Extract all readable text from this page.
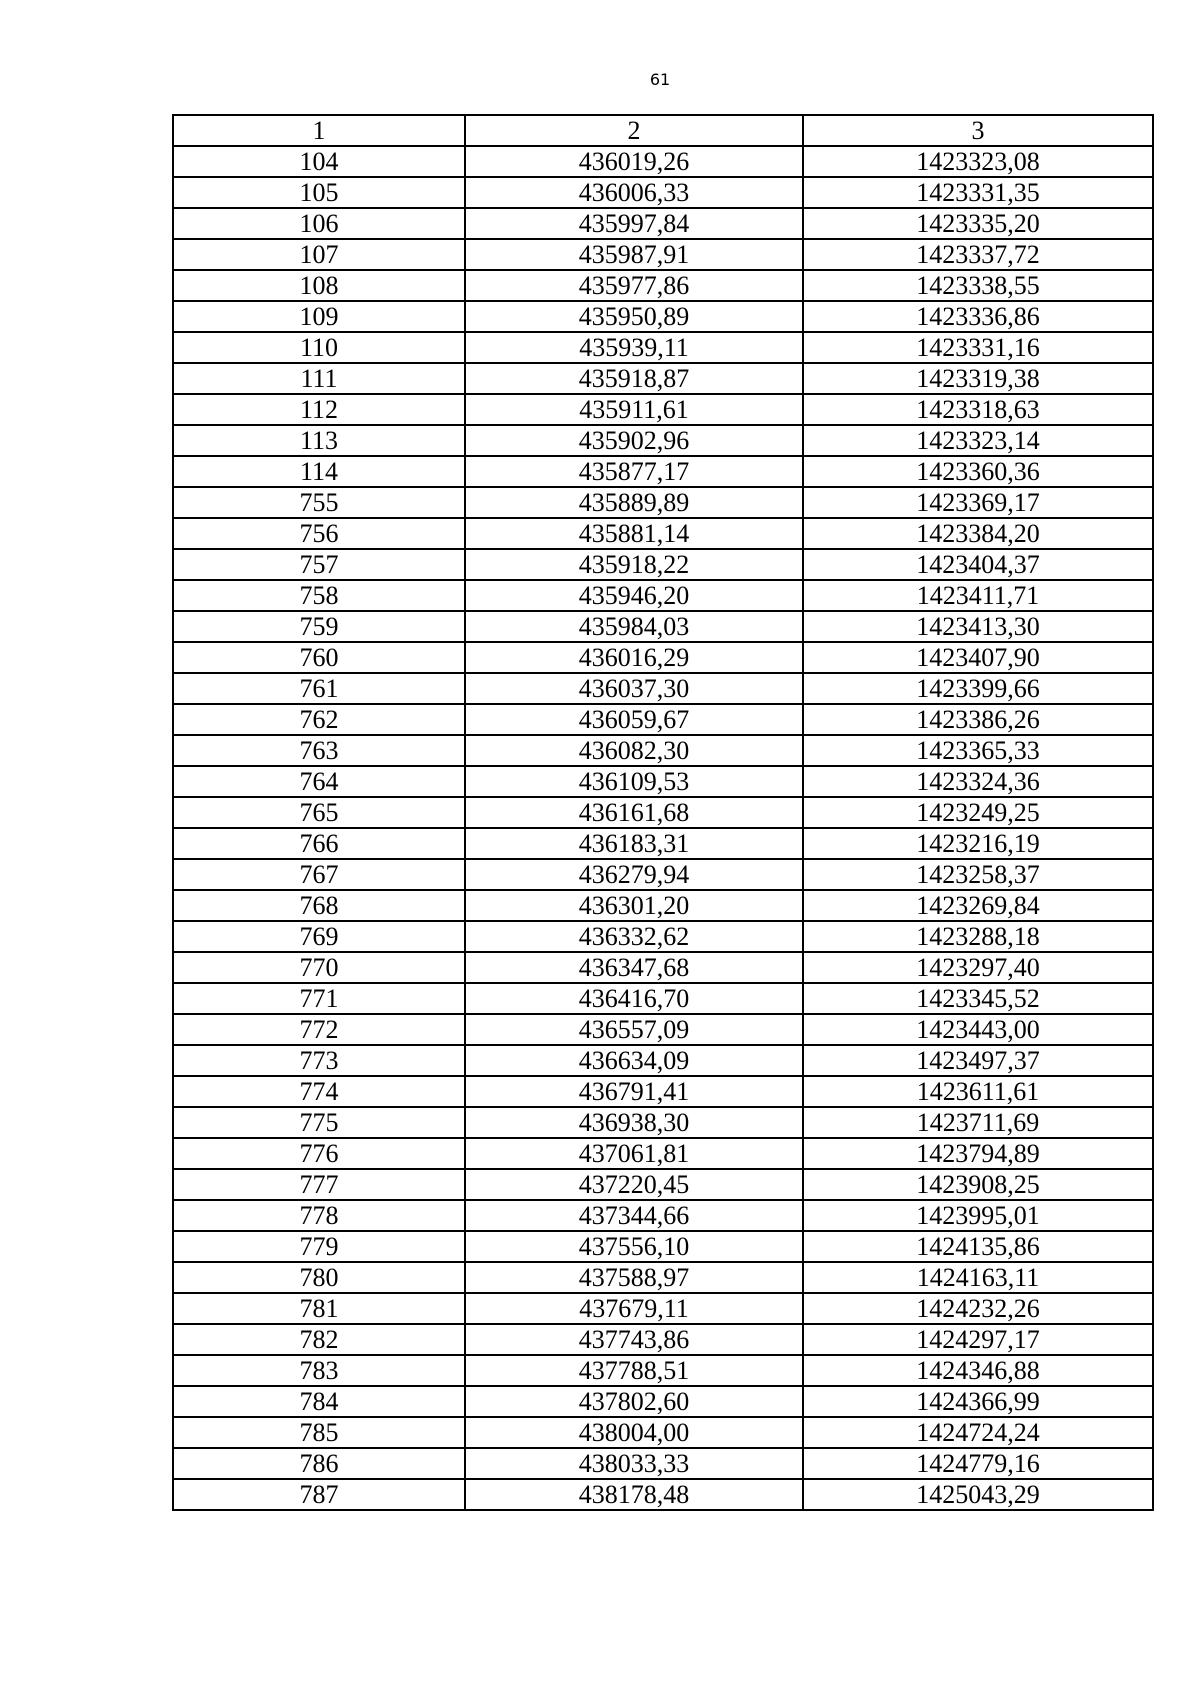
61
1	2	3
104	436019,26	1423323,08
105	436006,33	1423331,35
106	435997,84	1423335,20
107	435987,91	1423337,72
108	435977,86	1423338,55
109	435950,89	1423336,86
110	435939,11	1423331,16
111	435918,87	1423319,38
112	435911,61	1423318,63
113	435902,96	1423323,14
114	435877,17	1423360,36
755	435889,89	1423369,17
756	435881,14	1423384,20
757	435918,22	1423404,37
758	435946,20	1423411,71
759	435984,03	1423413,30
760	436016,29	1423407,90
761	436037,30	1423399,66
762	436059,67	1423386,26
763	436082,30	1423365,33
764	436109,53	1423324,36
765	436161,68	1423249,25
766	436183,31	1423216,19
767	436279,94	1423258,37
768	436301,20	1423269,84
769	436332,62	1423288,18
770	436347,68	1423297,40
771	436416,70	1423345,52
772	436557,09	1423443,00
773	436634,09	1423497,37
774	436791,41	1423611,61
775	436938,30	1423711,69
776	437061,81	1423794,89
777	437220,45	1423908,25
778	437344,66	1423995,01
779	437556,10	1424135,86
780	437588,97	1424163,11
781	437679,11	1424232,26
782	437743,86	1424297,17
783	437788,51	1424346,88
784	437802,60	1424366,99
785	438004,00	1424724,24
786	438033,33	1424779,16
787	438178,48	1425043,29
